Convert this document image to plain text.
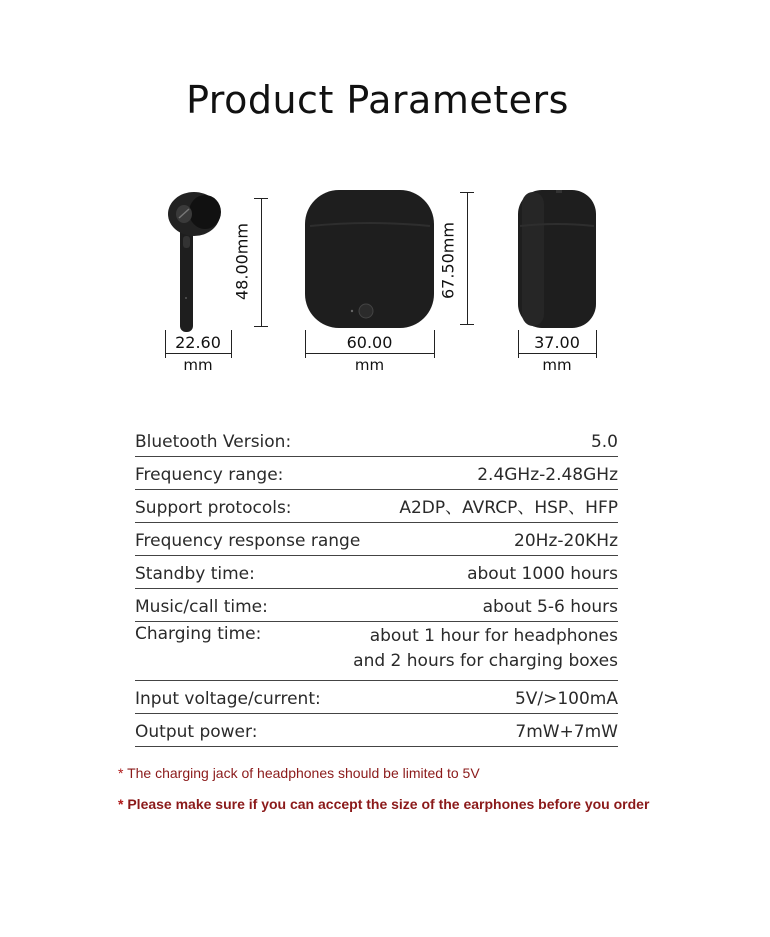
Product Parameters
48.00mm
22.60
mm
67.50mm
60.00
mm
37.00
mm
Bluetooth Version:	5.0
Frequency range:	2.4GHz-2.48GHz
Support protocols:	A2DP、AVRCP、HSP、HFP
Frequency response range	20Hz-20KHz
Standby time:	about 1000 hours
Music/call time:	about 5-6 hours
Charging time:	about 1 hour for headphones
and 2 hours for charging boxes
Input voltage/current:	5V/>100mA
Output power:	7mW+7mW
* The charging jack of headphones should be limited to 5V
* Please make sure if you can accept the size of the earphones before you order
